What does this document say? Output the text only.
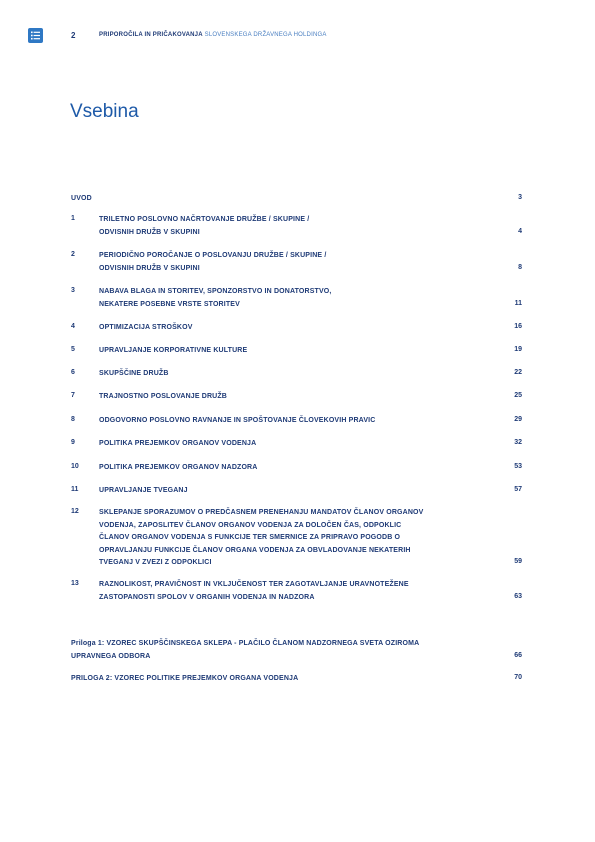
2	PRIPOROČILA IN PRIČAKOVANJA SLOVENSKEGA DRŽAVNEGA HOLDINGA
Vsebina
UVOD	3
1	TRILETNO POSLOVNO NAČRTOVANJE DRUŽBE / SKUPINE /
ODVISNIH DRUŽB V SKUPINI	4
2	PERIODIČNO POROČANJE O POSLOVANJU DRUŽBE / SKUPINE /
ODVISNIH DRUŽB V SKUPINI	8
3	NABAVA BLAGA IN STORITEV, SPONZORSTVO IN DONATORSTVO,
NEKATERE POSEBNE VRSTE STORITEV	11
4	OPTIMIZACIJA STROŠKOV	16
5	UPRAVLJANJE KORPORATIVNE KULTURE	19
6	SKUPŠČINE DRUŽB	22
7	TRAJNOSTNO POSLOVANJE DRUŽB	25
8	ODGOVORNO POSLOVNO RAVNANJE IN SPOŠTOVANJE ČLOVEKOVIH PRAVIC	29
9	POLITIKA PREJEMKOV ORGANOV VODENJA	32
10	POLITIKA PREJEMKOV ORGANOV NADZORA	53
11	UPRAVLJANJE TVEGANJ	57
12	SKLEPANJE SPORAZUMOV O PREDČASNEM PRENEHANJU MANDATOV ČLANOV ORGANOV
VODENJA, ZAPOSLITEV ČLANOV ORGANOV VODENJA ZA DOLOČEN ČAS, ODPOKLIC
ČLANOV ORGANOV VODENJA S FUNKCIJE TER SMERNICE ZA PRIPRAVO POGODB O
OPRAVLJANJU FUNKCIJE ČLANOV ORGANA VODENJA ZA OBVLADOVANJE NEKATERIH
TVEGANJ V ZVEZI Z ODPOKLICI	59
13	RAZNOLIKOST, PRAVIČNOST IN VKLJUČENOST TER ZAGOTAVLJANJE URAVNOTEŽENE
ZASTOPANOSTI SPOLOV V ORGANIH VODENJA IN NADZORA	63
Priloga 1: VZOREC SKUPŠČINSKEGA SKLEPA - PLAČILO ČLANOM NADZORNEGA SVETA OZIROMA
UPRAVNEGA ODBORA	66
PRILOGA 2: VZOREC POLITIKE PREJEMKOV ORGANA VODENJA	70
